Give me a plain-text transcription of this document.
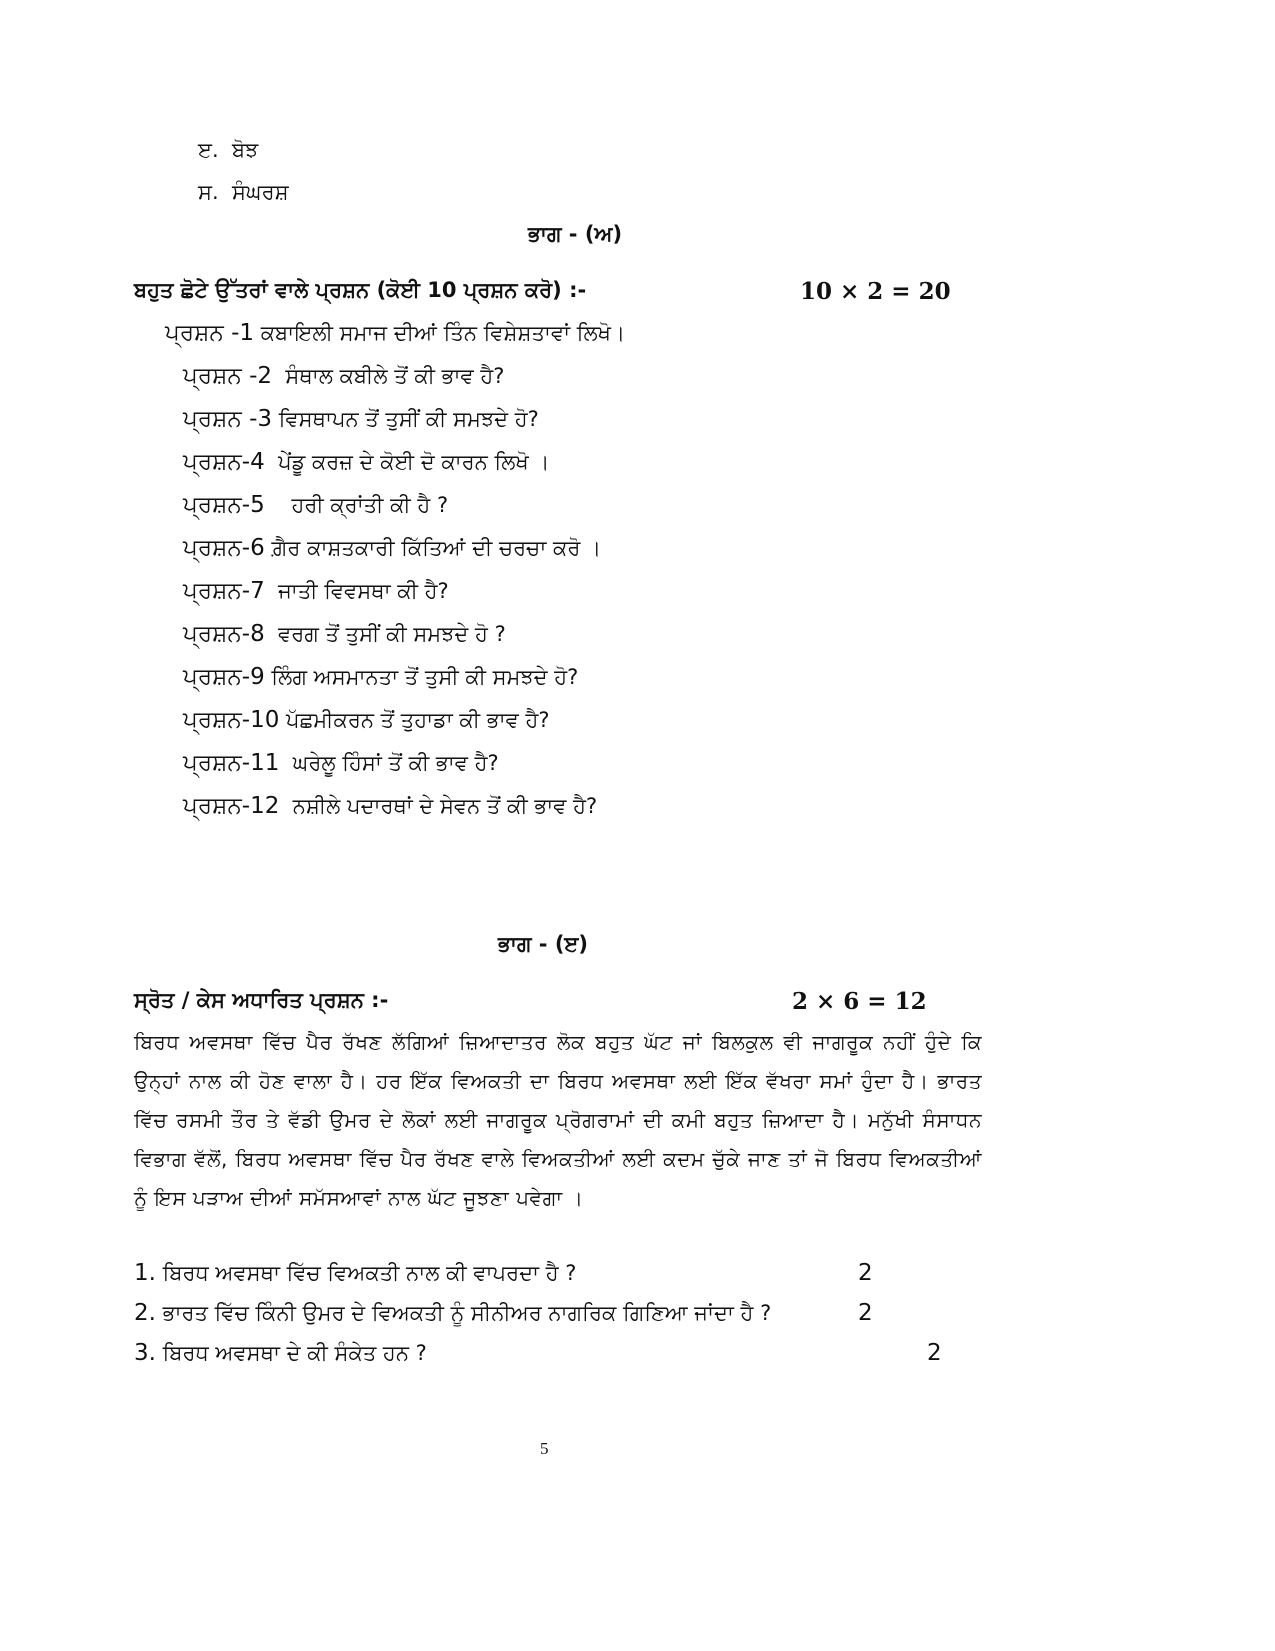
ੲ. ਬੋਝ
ਸ. ਸੰਘਰਸ਼
ਭਾਗ - (ਅ)
ਬਹੁਤ ਛੋਟੇ ਉੱਤਰਾਂ ਵਾਲੇ ਪ੍ਰਸ਼ਨ (ਕੋਈ 10 ਪ੍ਰਸ਼ਨ ਕਰੋ) :-	10 × 2 = 20
ਪ੍ਰਸ਼ਨ -1 ਕਬਾਇਲੀ ਸਮਾਜ ਦੀਆਂ ਤਿੰਨ ਵਿਸ਼ੇਸ਼ਤਾਵਾਂ ਲਿਖੋ।
ਪ੍ਰਸ਼ਨ -2 ਸੰਥਾਲ ਕਬੀਲੇ ਤੋਂ ਕੀ ਭਾਵ ਹੈ?
ਪ੍ਰਸ਼ਨ -3 ਵਿਸਥਾਪਨ ਤੋਂ ਤੁਸੀਂ ਕੀ ਸਮਝਦੇ ਹੋ?
ਪ੍ਰਸ਼ਨ-4 ਪੇਂਡੂ ਕਰਜ਼ ਦੇ ਕੋਈ ਦੋ ਕਾਰਨ ਲਿਖੋ ।
ਪ੍ਰਸ਼ਨ-5 ਹਰੀ ਕ੍ਰਾਂਤੀ ਕੀ ਹੈ ?
ਪ੍ਰਸ਼ਨ-6 ਗ਼ੈਰ ਕਾਸ਼ਤਕਾਰੀ ਕਿੱਤਿਆਂ ਦੀ ਚਰਚਾ ਕਰੋ ।
ਪ੍ਰਸ਼ਨ-7 ਜਾਤੀ ਵਿਵਸਥਾ ਕੀ ਹੈ?
ਪ੍ਰਸ਼ਨ-8 ਵਰਗ ਤੋਂ ਤੁਸੀਂ ਕੀ ਸਮਝਦੇ ਹੋ ?
ਪ੍ਰਸ਼ਨ-9 ਲਿੰਗ ਅਸਮਾਨਤਾ ਤੋਂ ਤੁਸੀ ਕੀ ਸਮਝਦੇ ਹੋ?
ਪ੍ਰਸ਼ਨ-10 ਪੱਛਮੀਕਰਨ ਤੋਂ ਤੁਹਾਡਾ ਕੀ ਭਾਵ ਹੈ?
ਪ੍ਰਸ਼ਨ-11 ਘਰੇਲੂ ਹਿੰਸਾਂ ਤੋਂ ਕੀ ਭਾਵ ਹੈ?
ਪ੍ਰਸ਼ਨ-12 ਨਸ਼ੀਲੇ ਪਦਾਰਥਾਂ ਦੇ ਸੇਵਨ ਤੋਂ ਕੀ ਭਾਵ ਹੈ?
ਭਾਗ - (ੲ)
ਸ੍ਰੋਤ / ਕੇਸ ਅਧਾਰਿਤ ਪ੍ਰਸ਼ਨ :-	2 × 6 = 12
ਬਿਰਧ ਅਵਸਥਾ ਵਿੱਚ ਪੈਰ ਰੱਖਣ ਲੱਗਿਆਂ ਜ਼ਿਆਦਾਤਰ ਲੋਕ ਬਹੁਤ ਘੱਟ ਜਾਂ ਬਿਲਕੁਲ ਵੀ ਜਾਗਰੂਕ ਨਹੀਂ ਹੁੰਦੇ ਕਿ ਉਨ੍ਹਾਂ ਨਾਲ ਕੀ ਹੋਣ ਵਾਲਾ ਹੈ। ਹਰ ਇੱਕ ਵਿਅਕਤੀ ਦਾ ਬਿਰਧ ਅਵਸਥਾ ਲਈ ਇੱਕ ਵੱਖਰਾ ਸਮਾਂ ਹੁੰਦਾ ਹੈ। ਭਾਰਤ ਵਿੱਚ ਰਸਮੀ ਤੌਰ ਤੇ ਵੱਡੀ ਉਮਰ ਦੇ ਲੋਕਾਂ ਲਈ ਜਾਗਰੂਕ ਪ੍ਰੋਗਰਾਮਾਂ ਦੀ ਕਮੀ ਬਹੁਤ ਜ਼ਿਆਦਾ ਹੈ। ਮਨੁੱਖੀ ਸੰਸਾਧਨ ਵਿਭਾਗ ਵੱਲੋਂ, ਬਿਰਧ ਅਵਸਥਾ ਵਿੱਚ ਪੈਰ ਰੱਖਣ ਵਾਲੇ ਵਿਅਕਤੀਆਂ ਲਈ ਕਦਮ ਚੁੱਕੇ ਜਾਣ ਤਾਂ ਜੋ ਬਿਰਧ ਵਿਅਕਤੀਆਂ ਨੂੰ ਇਸ ਪੜਾਅ ਦੀਆਂ ਸਮੱਸਆਵਾਂ ਨਾਲ ਘੱਟ ਜੂਝਣਾ ਪਵੇਗਾ ।
1. ਬਿਰਧ ਅਵਸਥਾ ਵਿੱਚ ਵਿਅਕਤੀ ਨਾਲ ਕੀ ਵਾਪਰਦਾ ਹੈ ?	2
2. ਭਾਰਤ ਵਿੱਚ ਕਿੰਨੀ ਉਮਰ ਦੇ ਵਿਅਕਤੀ ਨੂੰ ਸੀਨੀਅਰ ਨਾਗਰਿਕ ਗਿਣਿਆ ਜਾਂਦਾ ਹੈ ?	2
3. ਬਿਰਧ ਅਵਸਥਾ ਦੇ ਕੀ ਸੰਕੇਤ ਹਨ ?	2
5
